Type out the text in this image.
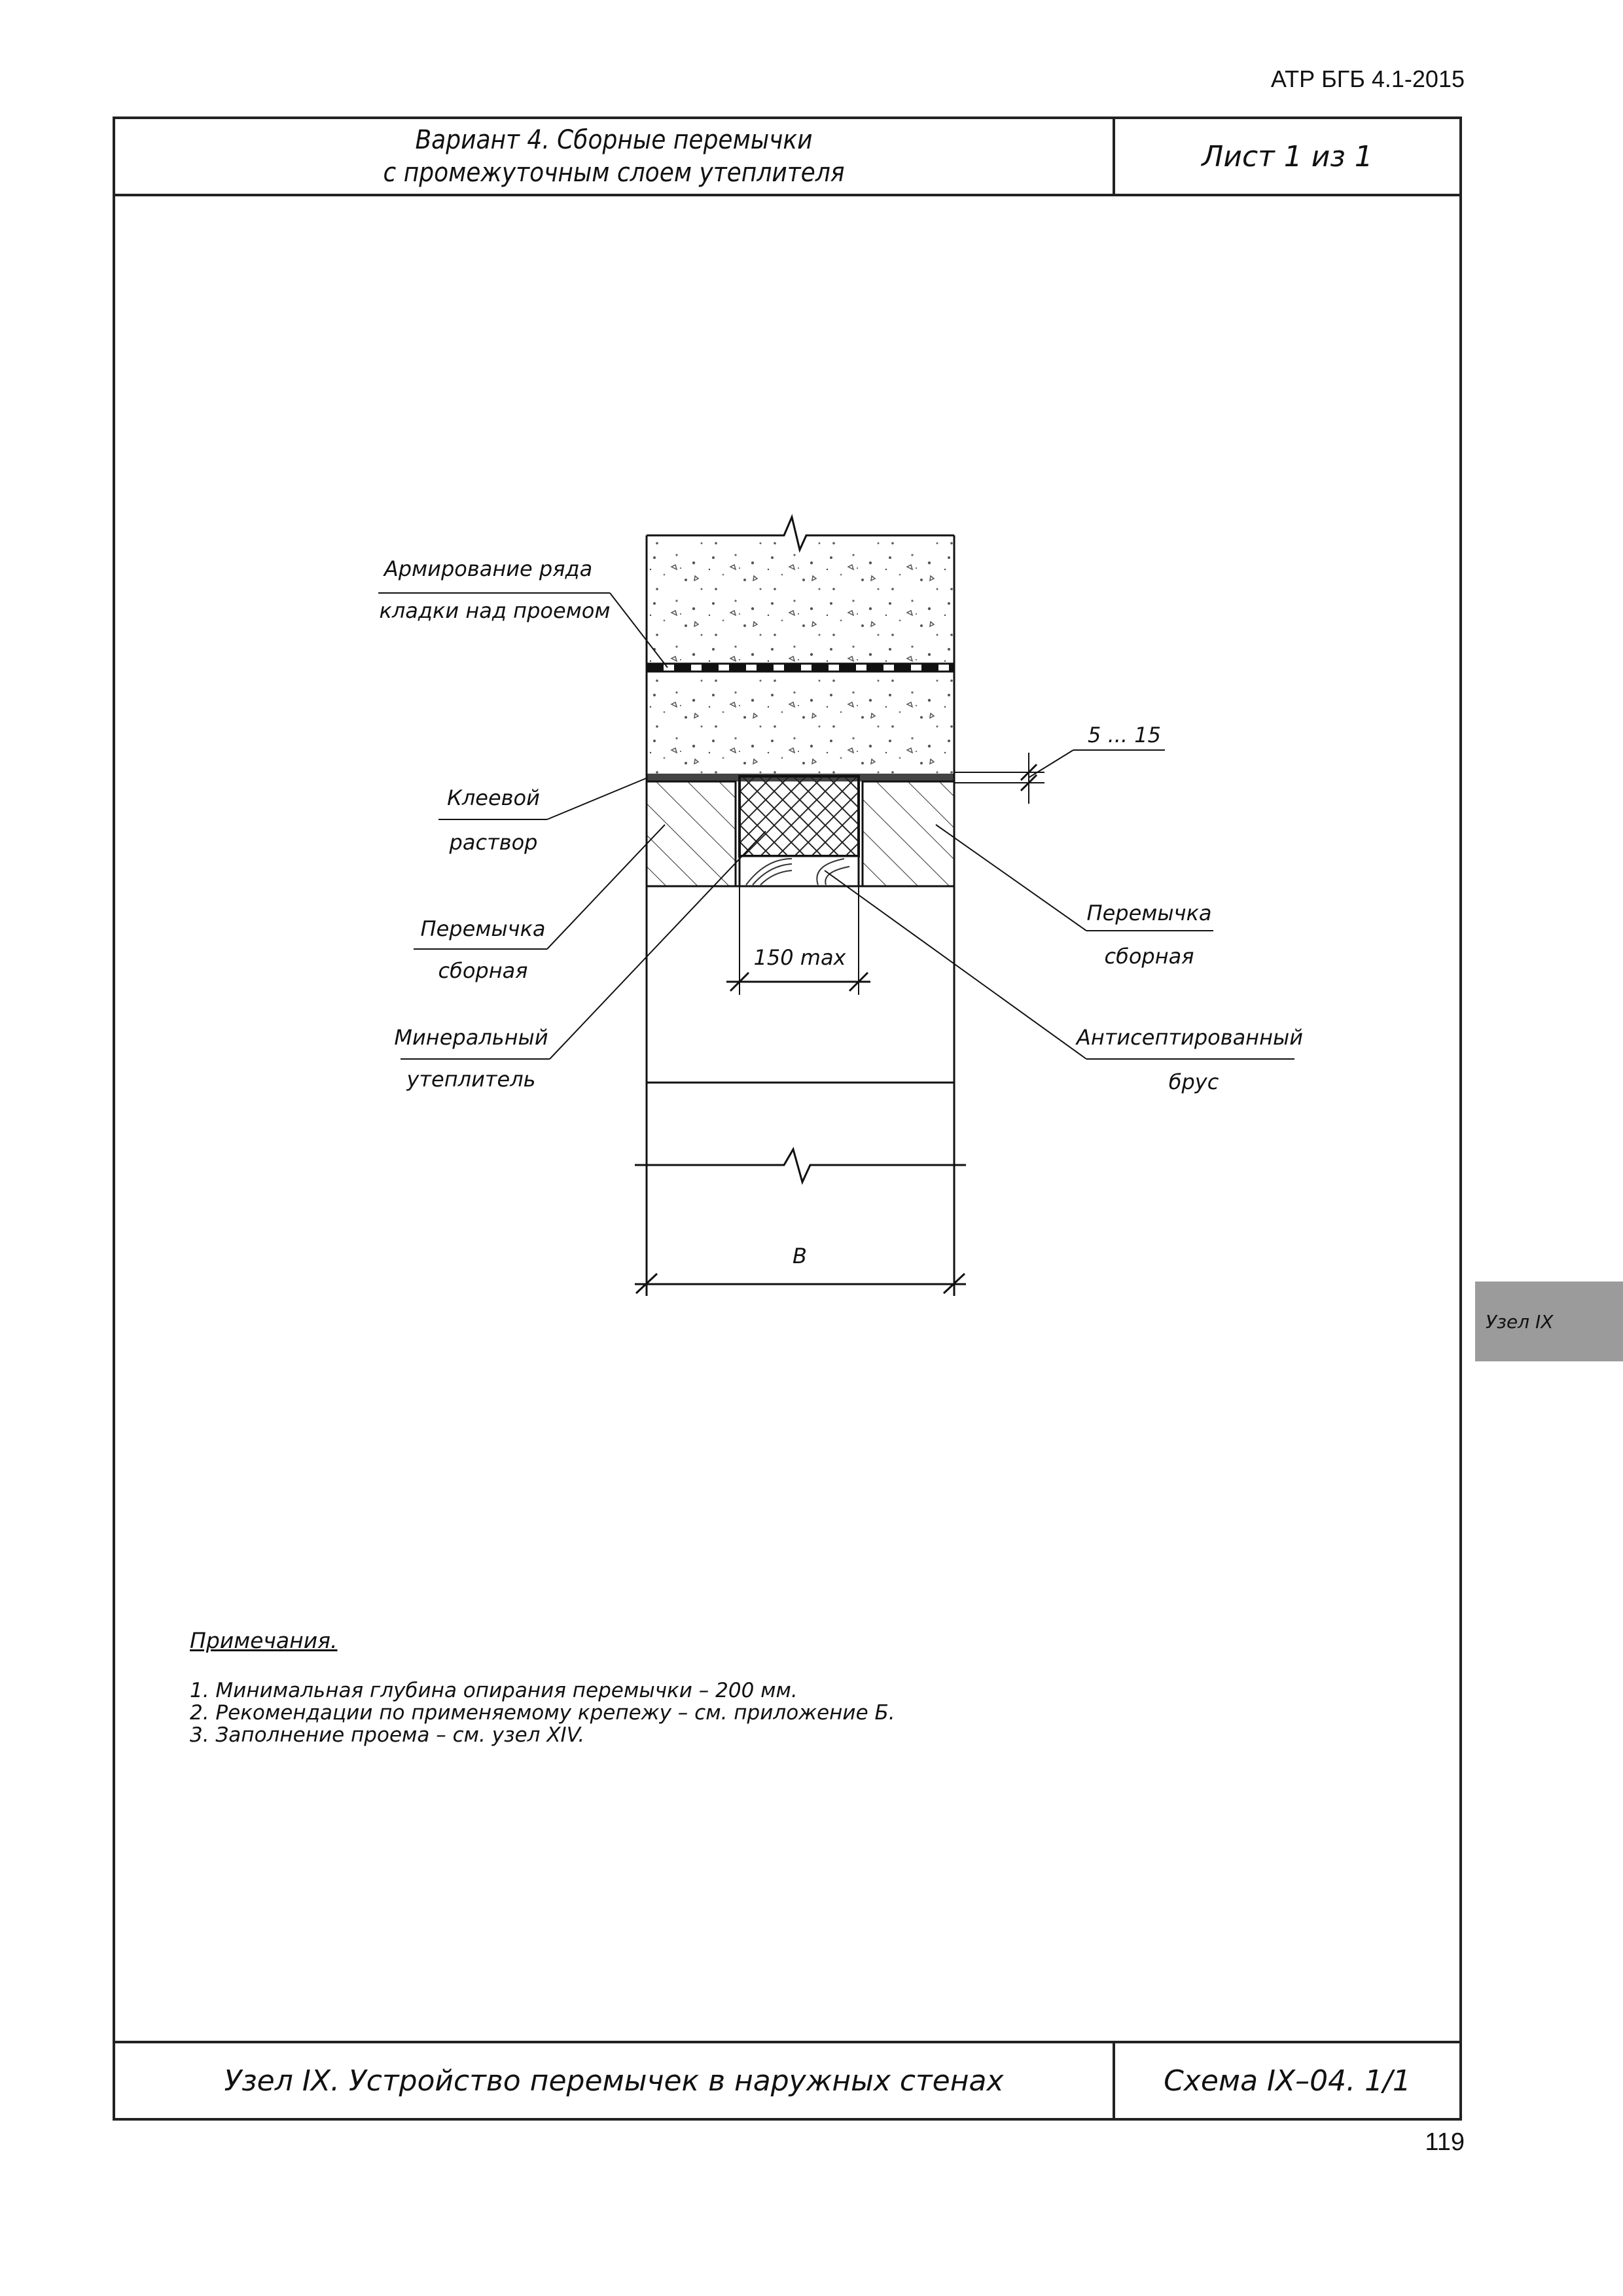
АТР БГБ 4.1-2015
Вариант 4. Сборные перемычки
с промежуточным слоем утеплителя	Лист 1 из 1
Узел IX. Устройство перемычек в наружных стенах	Схема IX–04. 1/1
Узел IX
B
150 max
5 ... 15
Армирование ряда
кладки над проемом
Клеевой
раствор
Перемычка
сборная
Минеральный
утеплитель
Перемычка
сборная
Антисептированный
брус
Примечания.
1. Минимальная глубина опирания перемычки – 200 мм.
2. Рекомендации по применяемому крепежу – см. приложение Б.
3. Заполнение проема – см. узел XIV.
119
